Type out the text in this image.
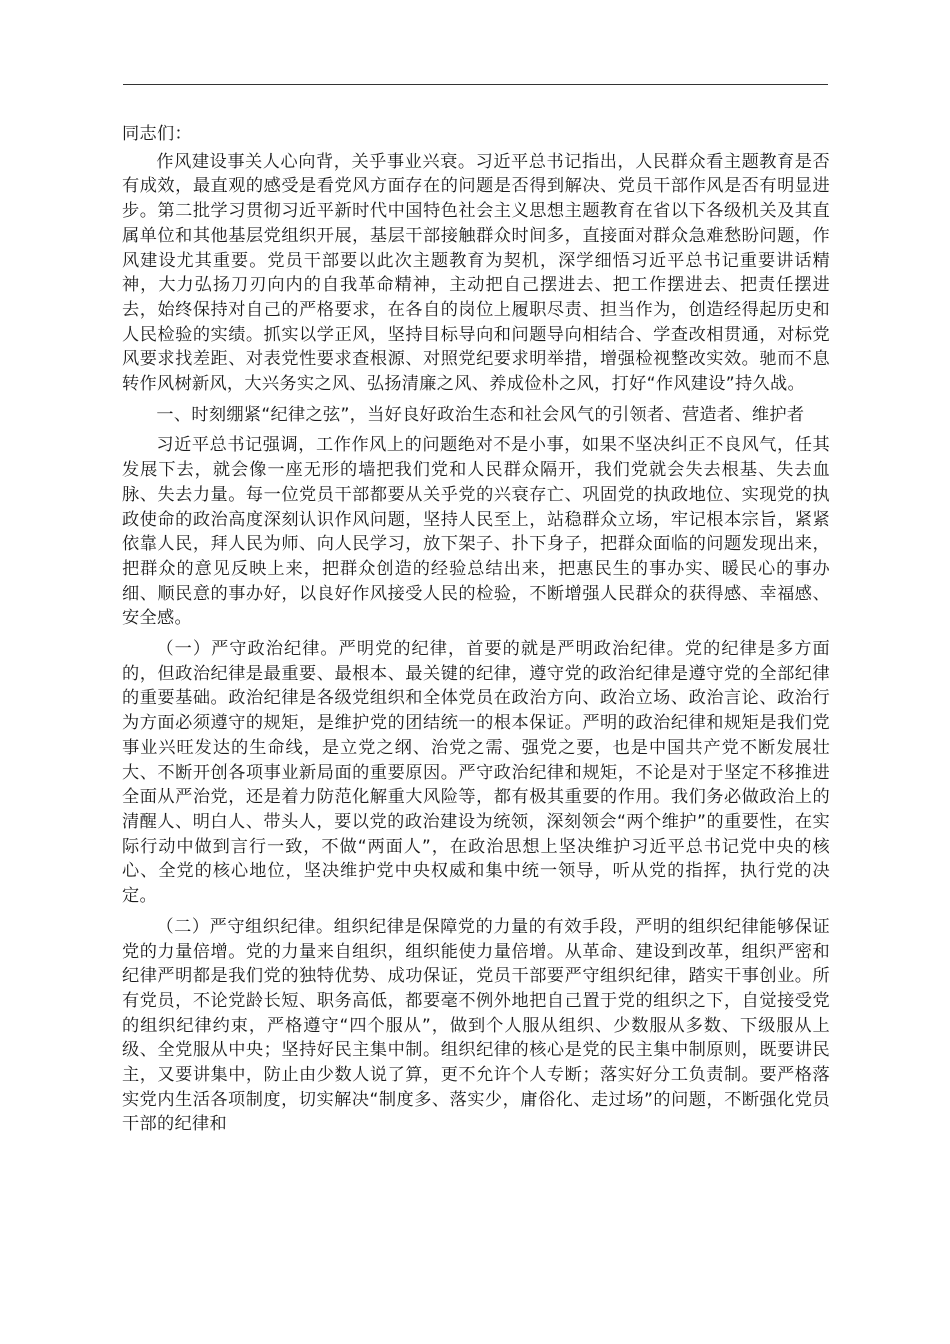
同志们：

作风建设事关人心向背，关乎事业兴衰。习近平总书记指出，人民群众看主题教育是否有成效，最直观的感受是看党风方面存在的问题是否得到解决、党员干部作风是否有明显进步。第二批学习贯彻习近平新时代中国特色社会主义思想主题教育在省以下各级机关及其直属单位和其他基层党组织开展，基层干部接触群众时间多，直接面对群众急难愁盼问题，作风建设尤其重要。党员干部要以此次主题教育为契机，深学细悟习近平总书记重要讲话精神，大力弘扬刀刃向内的自我革命精神，主动把自己摆进去、把工作摆进去、把责任摆进去，始终保持对自己的严格要求，在各自的岗位上履职尽责、担当作为，创造经得起历史和人民检验的实绩。抓实以学正风，坚持目标导向和问题导向相结合、学查改相贯通，对标党风要求找差距、对表党性要求查根源、对照党纪要求明举措，增强检视整改实效。驰而不息转作风树新风，大兴务实之风、弘扬清廉之风、养成俭朴之风，打好“作风建设”持久战。

一、时刻绷紧“纪律之弦”，当好良好政治生态和社会风气的引领者、营造者、维护者

习近平总书记强调，工作作风上的问题绝对不是小事，如果不坚决纠正不良风气，任其发展下去，就会像一座无形的墙把我们党和人民群众隔开，我们党就会失去根基、失去血脉、失去力量。每一位党员干部都要从关乎党的兴衰存亡、巩固党的执政地位、实现党的执政使命的政治高度深刻认识作风问题，坚持人民至上，站稳群众立场，牢记根本宗旨，紧紧依靠人民，拜人民为师、向人民学习，放下架子、扑下身子，把群众面临的问题发现出来，把群众的意见反映上来，把群众创造的经验总结出来，把惠民生的事办实、暖民心的事办细、顺民意的事办好，以良好作风接受人民的检验，不断增强人民群众的获得感、幸福感、安全感。

（一）严守政治纪律。严明党的纪律，首要的就是严明政治纪律。党的纪律是多方面的，但政治纪律是最重要、最根本、最关键的纪律，遵守党的政治纪律是遵守党的全部纪律的重要基础。政治纪律是各级党组织和全体党员在政治方向、政治立场、政治言论、政治行为方面必须遵守的规矩，是维护党的团结统一的根本保证。严明的政治纪律和规矩是我们党事业兴旺发达的生命线，是立党之纲、治党之需、强党之要，也是中国共产党不断发展壮大、不断开创各项事业新局面的重要原因。严守政治纪律和规矩，不论是对于坚定不移推进全面从严治党，还是着力防范化解重大风险等，都有极其重要的作用。我们务必做政治上的清醒人、明白人、带头人，要以党的政治建设为统领，深刻领会“两个维护”的重要性，在实际行动中做到言行一致，不做“两面人”，在政治思想上坚决维护习近平总书记党中央的核心、全党的核心地位，坚决维护党中央权威和集中统一领导，听从党的指挥，执行党的决定。

（二）严守组织纪律。组织纪律是保障党的力量的有效手段，严明的组织纪律能够保证党的力量倍增。党的力量来自组织，组织能使力量倍增。从革命、建设到改革，组织严密和纪律严明都是我们党的独特优势、成功保证，党员干部要严守组织纪律，踏实干事创业。所有党员，不论党龄长短、职务高低，都要毫不例外地把自己置于党的组织之下，自觉接受党的组织纪律约束，严格遵守“四个服从”，做到个人服从组织、少数服从多数、下级服从上级、全党服从中央；坚持好民主集中制。组织纪律的核心是党的民主集中制原则，既要讲民主，又要讲集中，防止由少数人说了算，更不允许个人专断；落实好分工负责制。要严格落实党内生活各项制度，切实解决“制度多、落实少，庸俗化、走过场”的问题，不断强化党员干部的纪律和
